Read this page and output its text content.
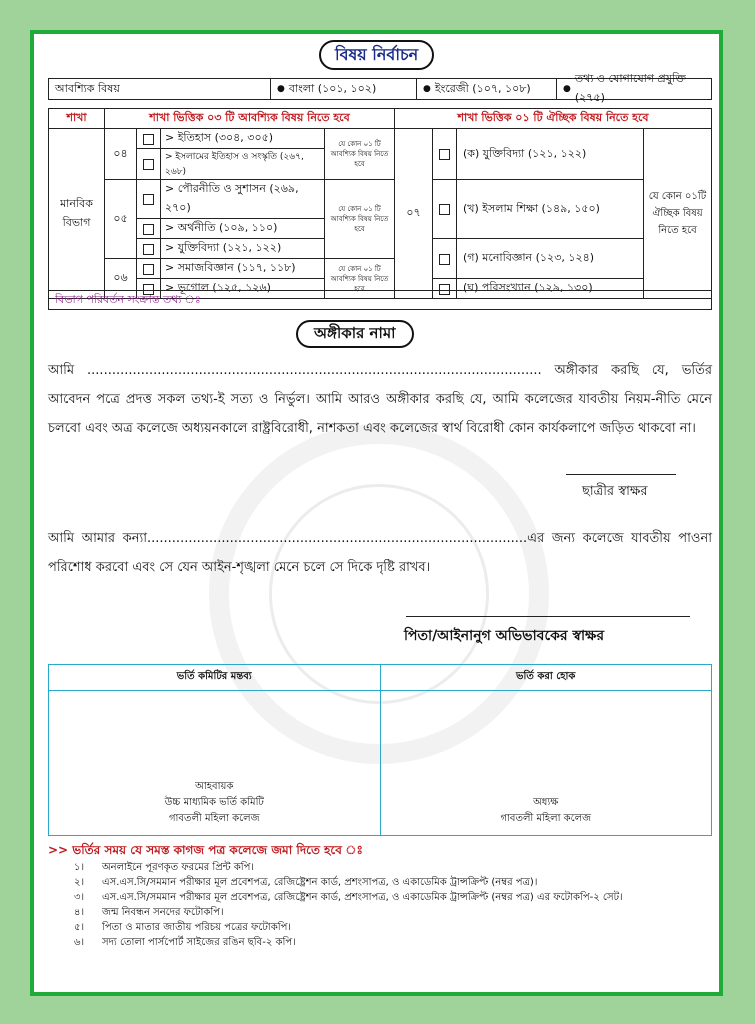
বিষয় নির্বাচন
আবশ্যিক বিষয়	● বাংলা (১০১, ১০২)	● ইংরেজী (১০৭, ১০৮)
● তথ্য ও যোগাযোগ প্রযুক্তি (২৭৫)
শাখা	শাখা ভিত্তিক ০৩ টি আবশ্যিক বিষয় নিতে হবে				শাখা ভিত্তিক ০১ টি ঐচ্ছিক বিষয় নিতে হবে			
মানবিক বিভাগ	০৪		> ইতিহাস (৩০৪, ৩০৫)	যে কোন ০১ টি আবশ্যিক বিষয় নিতে হবে	০৭		(ক) যুক্তিবিদ্যা (১২১, ১২২)	যে কোন ০১টি ঐচ্ছিক বিষয় নিতে হবে
			> ইসলামের ইতিহাস ও সংস্কৃতি (২৬৭, ২৬৮)					
	০৫		> পৌরনীতি ও সুশাসন (২৬৯, ২৭০)	যে কোন ০১ টি আবশ্যিক বিষয় নিতে হবে			(খ) ইসলাম শিক্ষা (১৪৯, ১৫০)	
			> অর্থনীতি (১০৯, ১১০)					
			> যুক্তিবিদ্যা (১২১, ১২২)				(গ) মনোবিজ্ঞান (১২৩, ১২৪)	
	০৬		> সমাজবিজ্ঞান (১১৭, ১১৮)	যে কোন ০১ টি আবশ্যিক বিষয় নিতে হবে				
			> ভূগোল (১২৫, ১২৬)				(ঘ) পরিসংখ্যান (১২৯, ১৩০)	
বিভাগ পরিবর্তন সংক্রান্ত তথ্য ঃ
অঙ্গীকার নামা

আমি .............................................................................................................. অঙ্গীকার করছি যে, ভর্তির আবেদন পত্রে প্রদত্ত সকল তথ্য-ই সত্য ও নির্ভুল। আমি আরও অঙ্গীকার করছি যে, আমি কলেজের যাবতীয় নিয়ম-নীতি মেনে চলবো এবং অত্র কলেজে অধ্যয়নকালে রাষ্ট্রবিরোধী, নাশকতা এবং কলেজের স্বার্থ বিরোধী কোন কার্যকলাপে জড়িত থাকবো না।

ছাত্রীর স্বাক্ষর

আমি আমার কন্যা............................................................................................এর জন্য কলেজে যাবতীয় পাওনা পরিশোধ করবো এবং সে যেন আইন-শৃঙ্খলা মেনে চলে সে দিকে দৃষ্টি রাখব।

পিতা/আইনানুগ অভিভাবকের স্বাক্ষর
ভর্তি কমিটির মন্তব্য	ভর্তি করা হোক
আহবায়ক
উচ্চ মাধ্যমিক ভর্তি কমিটি
গাবতলী মহিলা কলেজ
অধ্যক্ষ
গাবতলী মহিলা কলেজ
>> ভর্তির সময় যে সমস্ত কাগজ পত্র কলেজে জমা দিতে হবে ঃ
১।	অনলাইনে পূরণকৃত ফরমের প্রিন্ট কপি।
২।	এস.এস.সি/সমমান পরীক্ষার মূল প্রবেশপত্র, রেজিষ্ট্রেশন কার্ড, প্রশংসাপত্র, ও একাডেমিক ট্রান্সক্রিপ্ট (নম্বর পত্র)।
৩।	এস.এস.সি/সমমান পরীক্ষার মূল প্রবেশপত্র, রেজিষ্ট্রেশন কার্ড, প্রশংসাপত্র, ও একাডেমিক ট্রান্সক্রিপ্ট (নম্বর পত্র) এর ফটোকপি-২ সেট।
৪।	জন্ম নিবন্ধন সনদের ফটোকপি।
৫।	পিতা ও মাতার জাতীয় পরিচয় পত্রের ফটোকপি।
৬।	সদ্য তোলা পার্সপোর্ট সাইজের রঙিন ছবি-২ কপি।
